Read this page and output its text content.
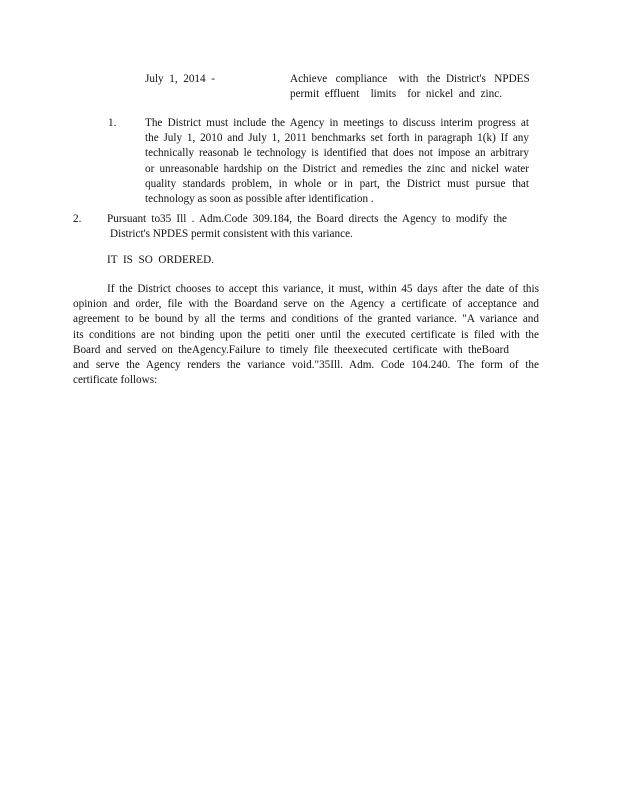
July  1,  2014  -	Achieve   compliance    with   the  District's   NPDES
permit  effluent    limits    for  nickel  and  zinc.

1.	The District must include the Agency in meetings to discuss interim progress at
the July 1, 2010 and July 1, 2011 benchmarks set forth in paragraph 1(k) If any
technically reasonab le technology is identified that does not impose an arbitrary
or unreasonable hardship on the District and remedies the zinc and nickel water
quality standards problem, in whole or in part, the District must pursue that
technology as soon as possible after identification .

2. Pursuant to35 Ill . Adm.Code 309.184, the Board directs the Agency to modify the
District's NPDES permit consistent with this variance.

IT  IS  SO  ORDERED.

If the District chooses to accept this variance, it must, within 45 days after the date of this
opinion and order, file with the Boardand serve on the Agency a certificate of acceptance and
agreement to be bound by all the terms and conditions of the granted variance. "A variance and
its conditions are not binding upon the petiti oner until the executed certificate is filed with the
Board and served on theAgency.Failure to timely file theexecuted certificate with theBoard
and serve the Agency renders the variance void."35Ill. Adm. Code 104.240. The form of the
certificate follows:
